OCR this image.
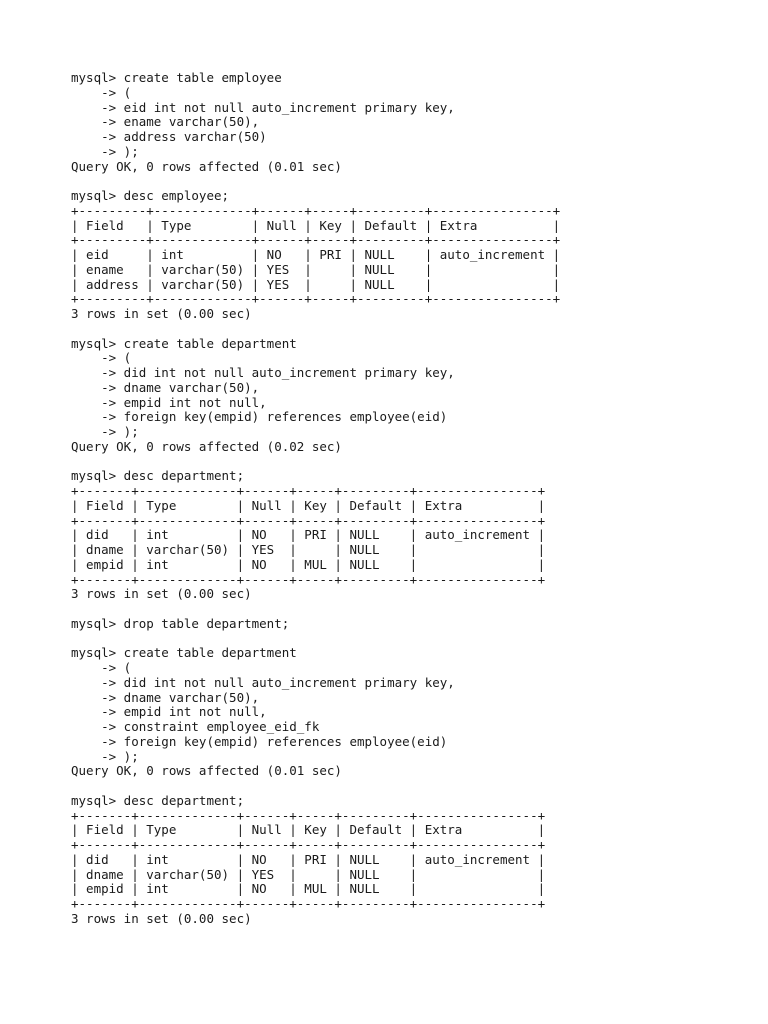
mysql> create table employee
-> (
-> eid int not null auto_increment primary key,
-> ename varchar(50),
-> address varchar(50)
-> );
Query OK, 0 rows affected (0.01 sec)
mysql> desc employee;
+---------+-------------+------+-----+---------+----------------+
| Field   | Type        | Null | Key | Default | Extra          |
+---------+-------------+------+-----+---------+----------------+
| eid     | int         | NO   | PRI | NULL    | auto_increment |
| ename   | varchar(50) | YES  |     | NULL    |                |
| address | varchar(50) | YES  |     | NULL    |                |
+---------+-------------+------+-----+---------+----------------+
3 rows in set (0.00 sec)
mysql> create table department
-> (
-> did int not null auto_increment primary key,
-> dname varchar(50),
-> empid int not null,
-> foreign key(empid) references employee(eid)
-> );
Query OK, 0 rows affected (0.02 sec)
mysql> desc department;
+-------+-------------+------+-----+---------+----------------+
| Field | Type        | Null | Key | Default | Extra          |
+-------+-------------+------+-----+---------+----------------+
| did   | int         | NO   | PRI | NULL    | auto_increment |
| dname | varchar(50) | YES  |     | NULL    |                |
| empid | int         | NO   | MUL | NULL    |                |
+-------+-------------+------+-----+---------+----------------+
3 rows in set (0.00 sec)
mysql> drop table department;
mysql> create table department
-> (
-> did int not null auto_increment primary key,
-> dname varchar(50),
-> empid int not null,
-> constraint employee_eid_fk
-> foreign key(empid) references employee(eid)
-> );
Query OK, 0 rows affected (0.01 sec)
mysql> desc department;
+-------+-------------+------+-----+---------+----------------+
| Field | Type        | Null | Key | Default | Extra          |
+-------+-------------+------+-----+---------+----------------+
| did   | int         | NO   | PRI | NULL    | auto_increment |
| dname | varchar(50) | YES  |     | NULL    |                |
| empid | int         | NO   | MUL | NULL    |                |
+-------+-------------+------+-----+---------+----------------+
3 rows in set (0.00 sec)
